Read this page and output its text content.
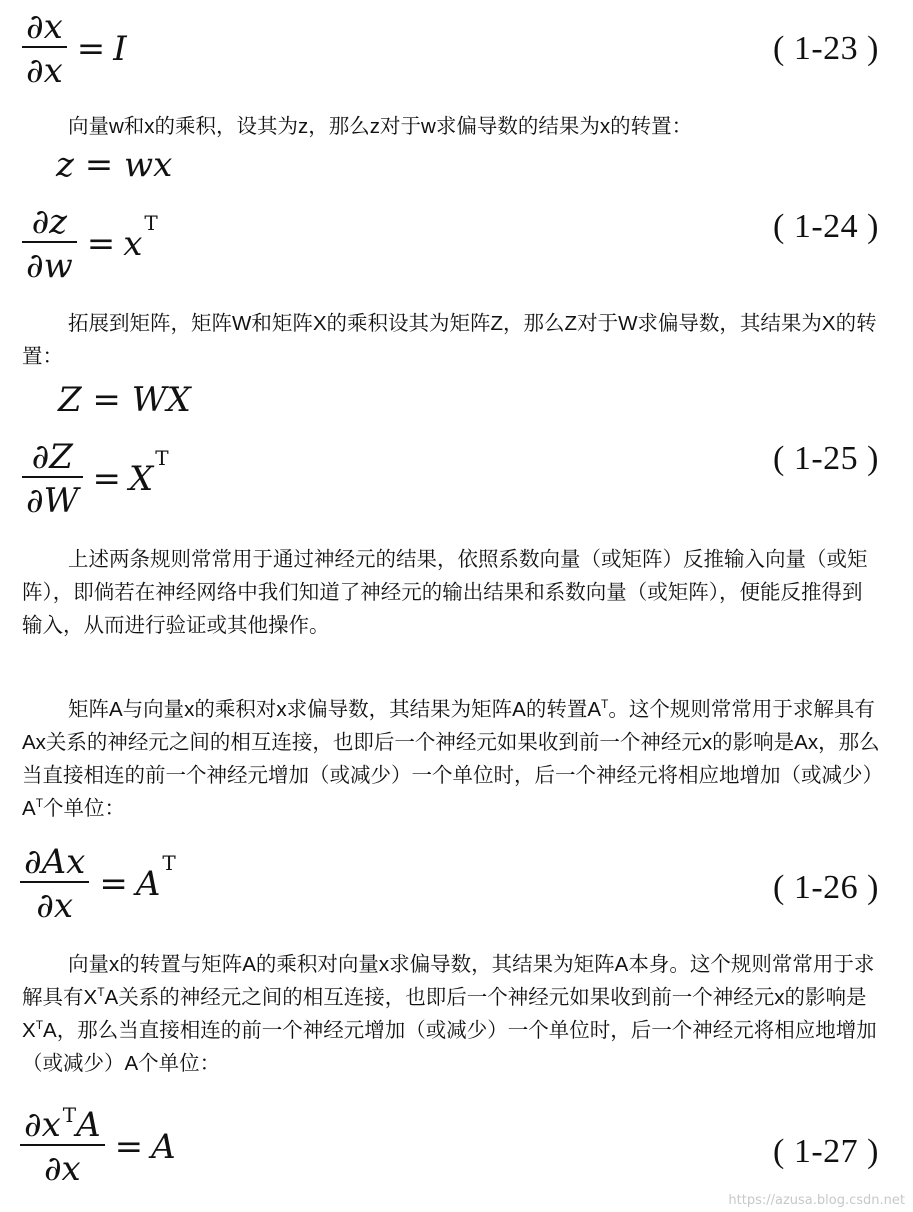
$\frac{\partial x}{\partial x} = I$	( 1-23 )

向量w和x的乘积，设其为z，那么z对于w求偏导数的结果为x的转置：

z = wx
$\frac{\partial z}{\partial w} = x$
T	( 1-24 )

拓展到矩阵，矩阵W和矩阵X的乘积设其为矩阵Z，那么Z对于W求偏导数，其结果为X的转置：

Z = WX
$\frac{\partial Z}{\partial W} = X$
T	( 1-25 )

上述两条规则常常用于通过神经元的结果，依照系数向量（或矩阵）反推输入向量（或矩阵），即倘若在神经网络中我们知道了神经元的输出结果和系数向量（或矩阵），便能反推得到输入，从而进行验证或其他操作。

矩阵A与向量x的乘积对x求偏导数，其结果为矩阵A的转置$A^T$。这个规则常常用于求解具有Ax关系的神经元之间的相互连接，也即后一个神经元如果收到前一个神经元x的影响是Ax，那么当直接相连的前一个神经元增加（或减少）一个单位时，后一个神经元将相应地增加（或减少）$A^T$个单位：

$\frac{\partial Ax}{\partial x} = A$
T
( 1-26 )

向量x的转置与矩阵A的乘积对向量x求偏导数，其结果为矩阵A本身。这个规则常常用于求解具有$X^TA$关系的神经元之间的相互连接，也即后一个神经元如果收到前一个神经元x的影响是$X^TA$，那么当直接相连的前一个神经元增加（或减少）一个单位时，后一个神经元将相应地增加（或减少）A个单位：

$\frac{\partial x ^TA}{\partial x} = A$	( 1-27 )
https://azusa.blog.csdn.net
